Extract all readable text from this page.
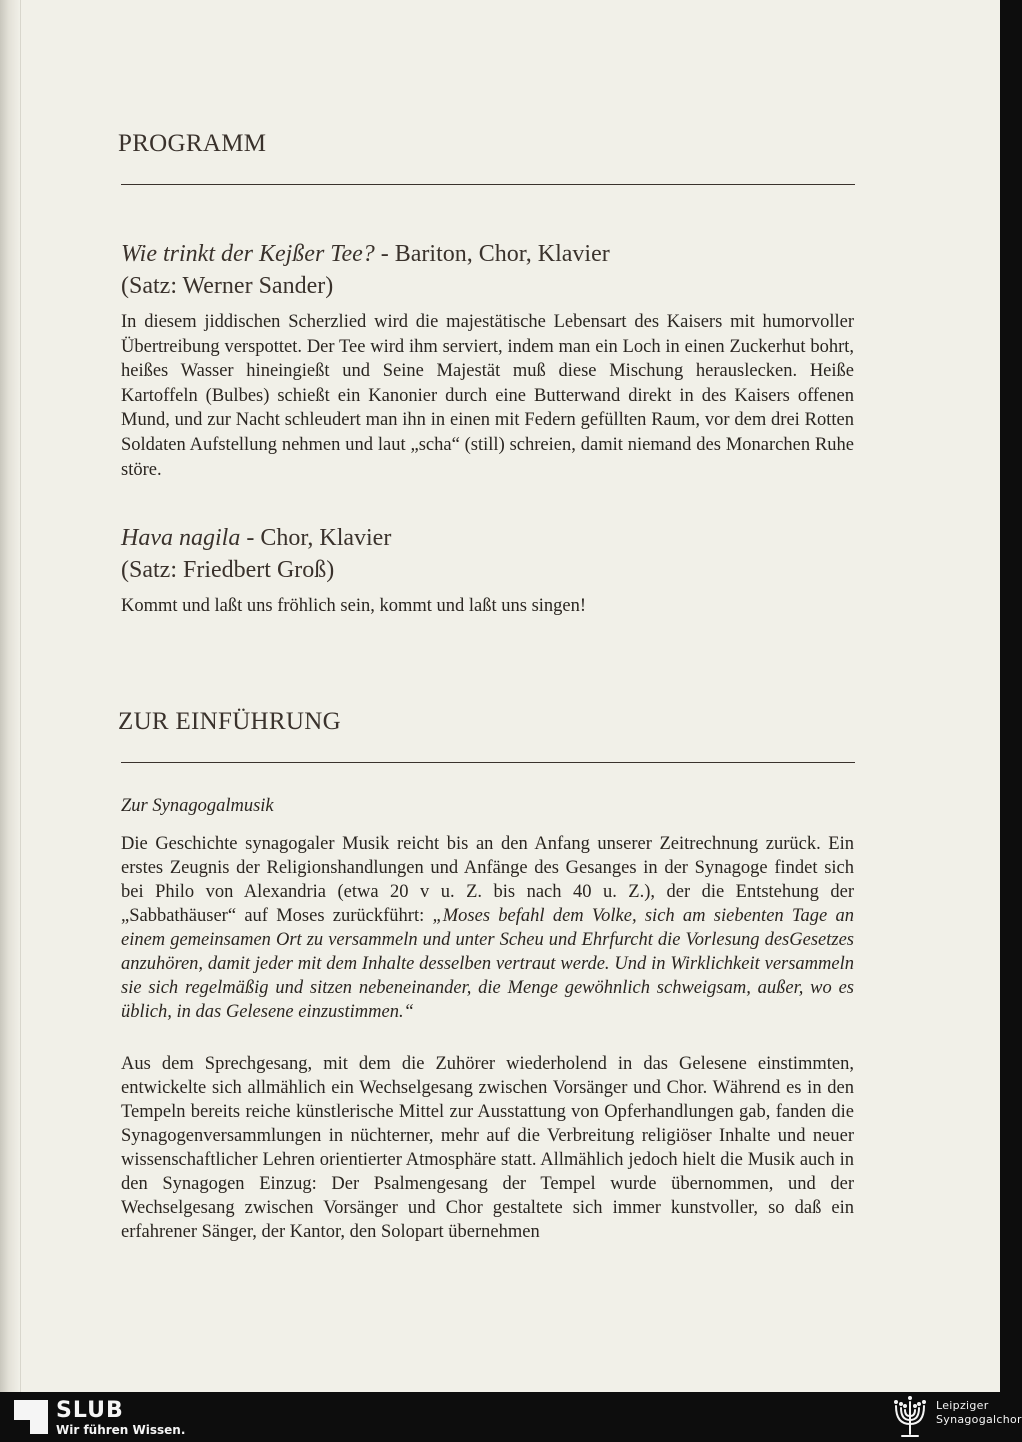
PROGRAMM

Wie trinkt der Kejßer Tee? - Bariton, Chor, Klavier

(Satz: Werner Sander)

In diesem jiddischen Scherzlied wird die majestätische Lebensart des Kaisers mit humorvoller Übertreibung verspottet. Der Tee wird ihm serviert, indem man ein Loch in einen Zuckerhut bohrt, heißes Wasser hineingießt und Seine Majestät muß diese Mischung herauslecken. Heiße Kartoffeln (Bulbes) schießt ein Kanonier durch eine Butterwand direkt in des Kaisers offenen Mund, und zur Nacht schleudert man ihn in einen mit Federn gefüllten Raum, vor dem drei Rotten Soldaten Aufstellung nehmen und laut „scha“ (still) schreien, damit niemand des Monarchen Ruhe störe.

Hava nagila - Chor, Klavier

(Satz: Friedbert Groß)

Kommt und laßt uns fröhlich sein, kommt und laßt uns singen!

ZUR EINFÜHRUNG

Zur Synagogalmusik

Die Geschichte synagogaler Musik reicht bis an den Anfang unserer Zeitrechnung zurück. Ein erstes Zeugnis der Religionshandlungen und Anfänge des Gesanges in der Synagoge findet sich bei Philo von Alexandria (etwa 20 v u. Z. bis nach 40 u. Z.), der die Entstehung der „Sabbathäuser“ auf Moses zurückführt: „Moses befahl dem Volke, sich am siebenten Tage an einem gemeinsamen Ort zu versammeln und unter Scheu und Ehrfurcht die Vorlesung desGesetzes anzuhören, damit jeder mit dem Inhalte desselben vertraut werde. Und in Wirklichkeit versammeln sie sich regelmäßig und sitzen nebeneinander, die Menge gewöhnlich schweigsam, außer, wo es üblich, in das Gelesene einzustimmen.“

Aus dem Sprechgesang, mit dem die Zuhörer wiederholend in das Gelesene einstimmten, entwickelte sich allmählich ein Wechselgesang zwischen Vorsänger und Chor. Während es in den Tempeln bereits reiche künstlerische Mittel zur Ausstattung von Opferhandlungen gab, fanden die Synagogenversammlungen in nüchterner, mehr auf die Verbreitung religiöser Inhalte und neuer wissenschaftlicher Lehren orientierter Atmosphäre statt. Allmählich jedoch hielt die Musik auch in den Synagogen Einzug: Der Psalmengesang der Tempel wurde übernommen, und der Wechselgesang zwischen Vorsänger und Chor gestaltete sich immer kunstvoller, so daß ein erfahrener Sänger, der Kantor, den Solopart übernehmen

SLUB
Wir führen Wissen.
Leipziger
Synagogalchor
